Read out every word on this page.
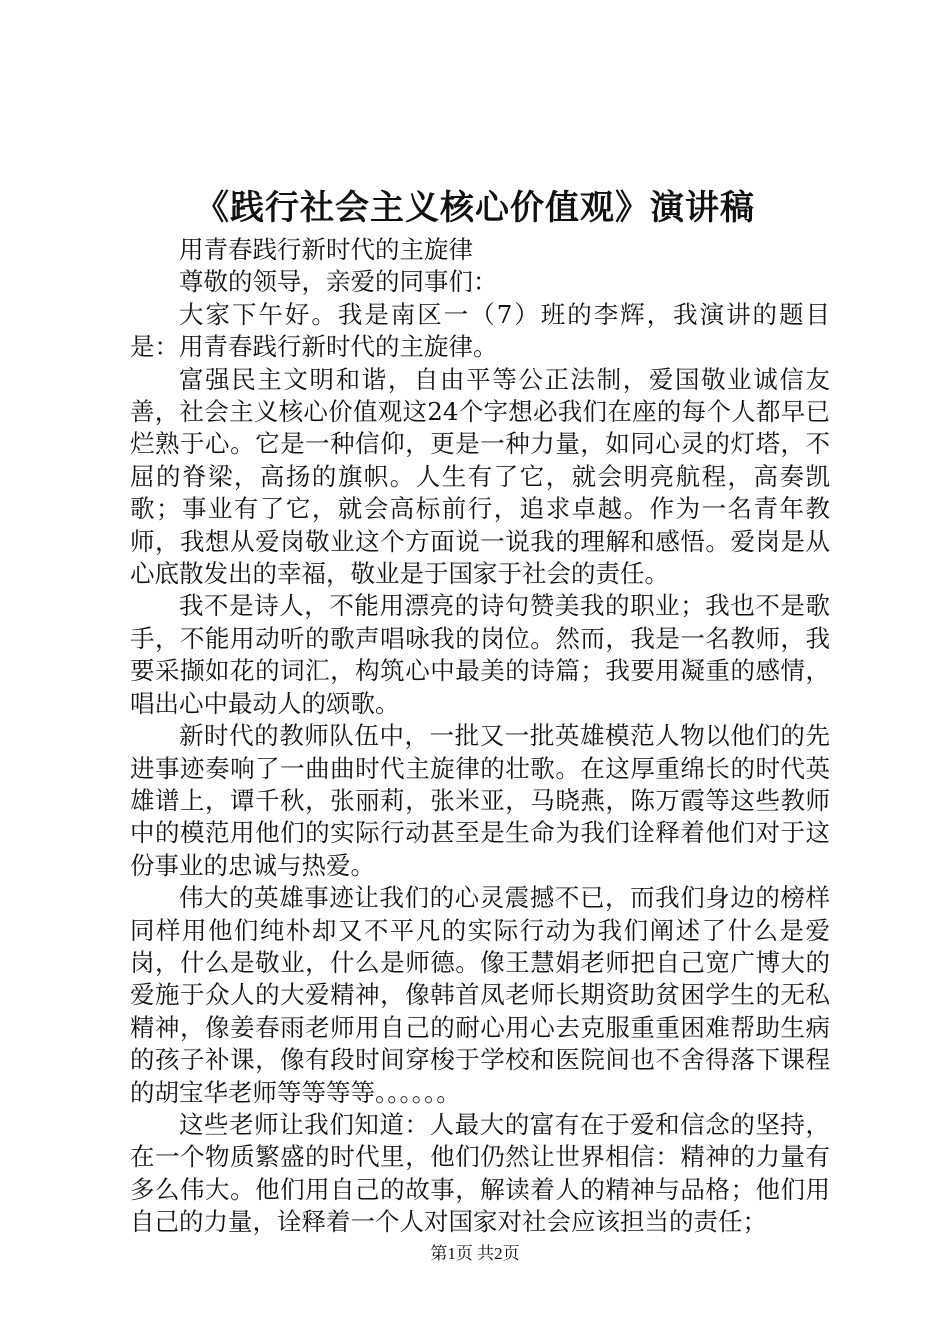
《践行社会主义核心价值观》演讲稿

用青春践行新时代的主旋律

尊敬的领导，亲爱的同事们：

大家下午好。我是南区一（7）班的李辉，我演讲的题目是：用青春践行新时代的主旋律。

富强民主文明和谐，自由平等公正法制，爱国敬业诚信友善，社会主义核心价值观这24个字想必我们在座的每个人都早已烂熟于心。它是一种信仰，更是一种力量，如同心灵的灯塔，不屈的脊梁，高扬的旗帜。人生有了它，就会明亮航程，高奏凯歌；事业有了它，就会高标前行，追求卓越。作为一名青年教师，我想从爱岗敬业这个方面说一说我的理解和感悟。爱岗是从心底散发出的幸福，敬业是于国家于社会的责任。

我不是诗人，不能用漂亮的诗句赞美我的职业；我也不是歌手，不能用动听的歌声唱咏我的岗位。然而，我是一名教师，我要采撷如花的词汇，构筑心中最美的诗篇；我要用凝重的感情，唱出心中最动人的颂歌。

新时代的教师队伍中，一批又一批英雄模范人物以他们的先进事迹奏响了一曲曲时代主旋律的壮歌。在这厚重绵长的时代英雄谱上，谭千秋，张丽莉，张米亚，马晓燕，陈万霞等这些教师中的模范用他们的实际行动甚至是生命为我们诠释着他们对于这份事业的忠诚与热爱。

伟大的英雄事迹让我们的心灵震撼不已，而我们身边的榜样同样用他们纯朴却又不平凡的实际行动为我们阐述了什么是爱岗，什么是敬业，什么是师德。像王慧娟老师把自己宽广博大的爱施于众人的大爱精神，像韩首凤老师长期资助贫困学生的无私精神，像姜春雨老师用自己的耐心用心去克服重重困难帮助生病的孩子补课，像有段时间穿梭于学校和医院间也不舍得落下课程的胡宝华老师等等等等。。。。。。

这些老师让我们知道：人最大的富有在于爱和信念的坚持，在一个物质繁盛的时代里，他们仍然让世界相信：精神的力量有多么伟大。他们用自己的故事，解读着人的精神与品格；他们用自己的力量，诠释着一个人对国家对社会应该担当的责任；

第1页 共2页
